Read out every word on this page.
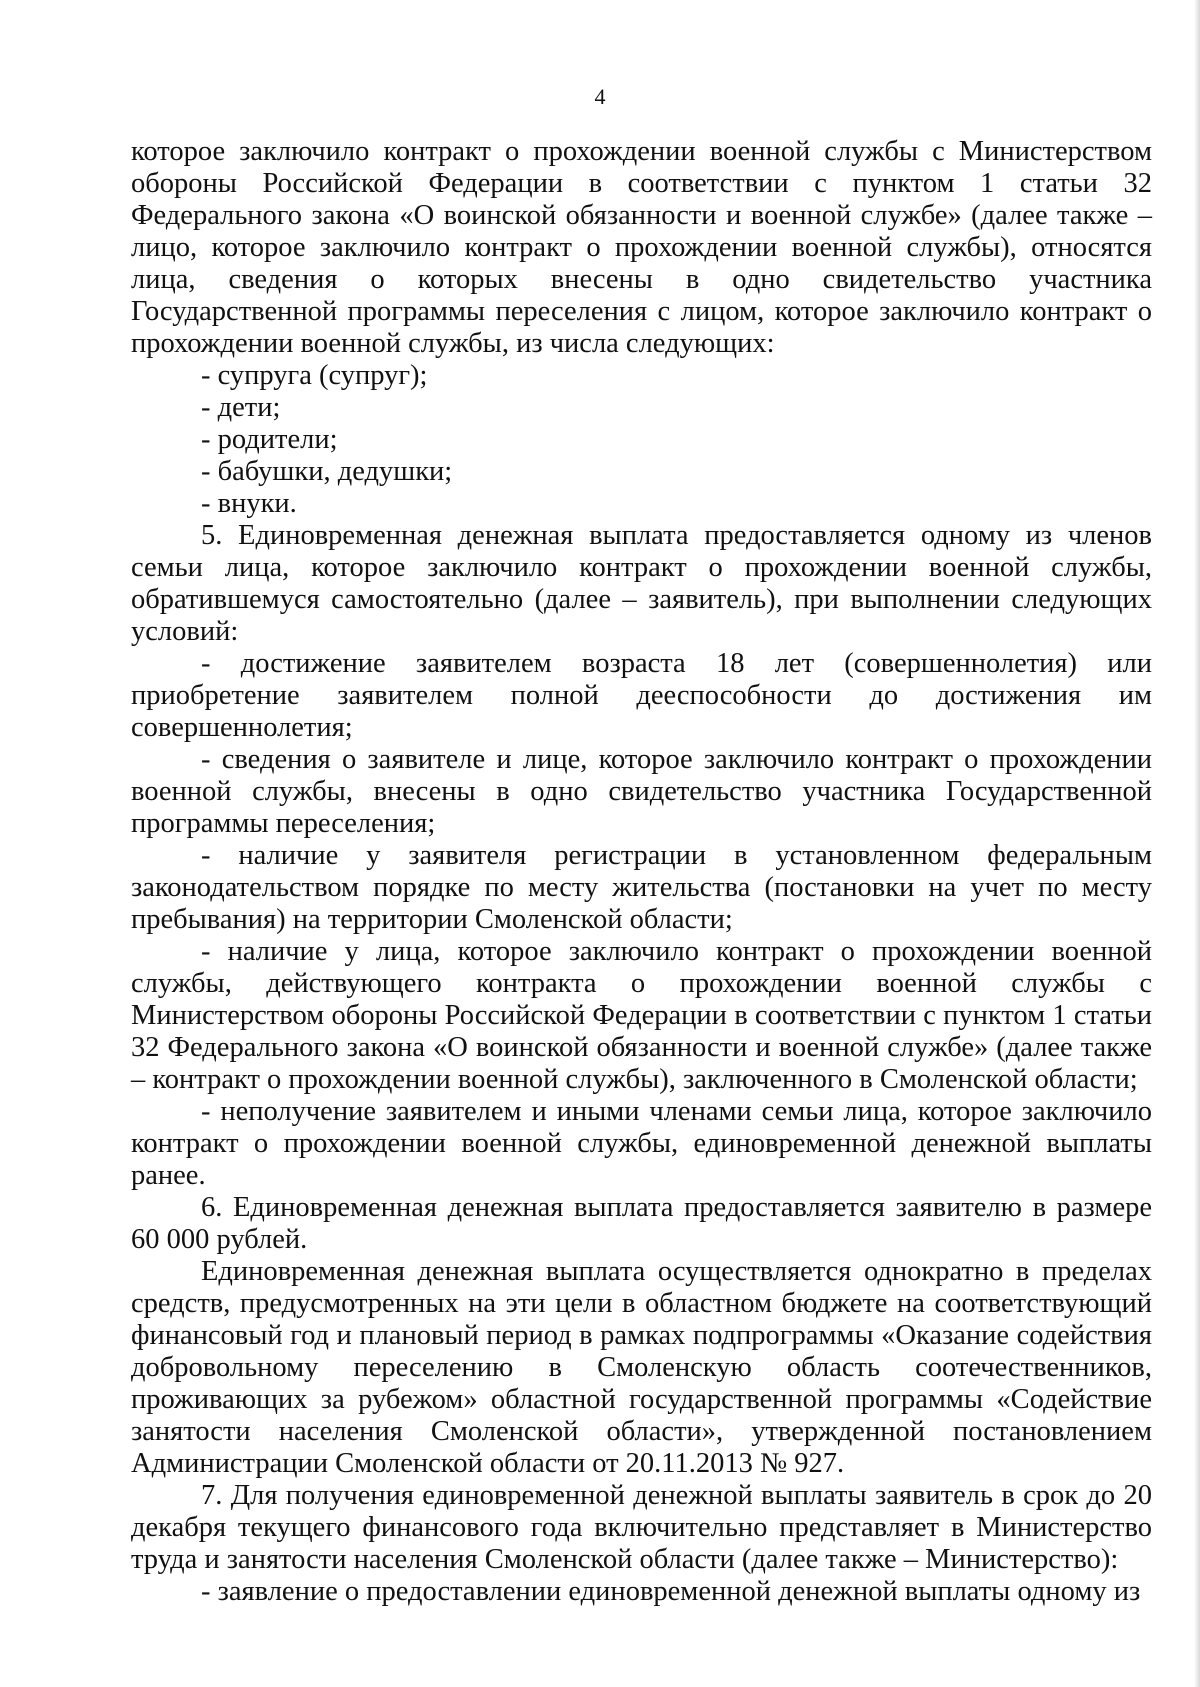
4

которое заключило контракт о прохождении военной службы с Министерством обороны Российской Федерации в соответствии с пунктом 1 статьи 32 Федерального закона «О воинской обязанности и военной службе» (далее также – лицо, которое заключило контракт о прохождении военной службы), относятся лица, сведения о которых внесены в одно свидетельство участника Государственной программы переселения с лицом, которое заключило контракт о прохождении военной службы, из числа следующих:

- супруга (супруг);

- дети;

- родители;

- бабушки, дедушки;

- внуки.

5. Единовременная денежная выплата предоставляется одному из членов семьи лица, которое заключило контракт о прохождении военной службы, обратившемуся самостоятельно (далее – заявитель), при выполнении следующих условий:

- достижение заявителем возраста 18 лет (совершеннолетия) или приобретение заявителем полной дееспособности до достижения им совершеннолетия;

- сведения о заявителе и лице, которое заключило контракт о прохождении военной службы, внесены в одно свидетельство участника Государственной программы переселения;

- наличие у заявителя регистрации в установленном федеральным законодательством порядке по месту жительства (постановки на учет по месту пребывания) на территории Смоленской области;

- наличие у лица, которое заключило контракт о прохождении военной службы, действующего контракта о прохождении военной службы с Министерством обороны Российской Федерации в соответствии с пунктом 1 статьи 32 Федерального закона «О воинской обязанности и военной службе» (далее также – контракт о прохождении военной службы), заключенного в Смоленской области;

- неполучение заявителем и иными членами семьи лица, которое заключило контракт о прохождении военной службы, единовременной денежной выплаты ранее.

6. Единовременная денежная выплата предоставляется заявителю в размере 60 000 рублей.

Единовременная денежная выплата осуществляется однократно в пределах средств, предусмотренных на эти цели в областном бюджете на соответствующий финансовый год и плановый период в рамках подпрограммы «Оказание содействия добровольному переселению в Смоленскую область соотечественников, проживающих за рубежом» областной государственной программы «Содействие занятости населения Смоленской области», утвержденной постановлением Администрации Смоленской области от 20.11.2013 № 927.

7. Для получения единовременной денежной выплаты заявитель в срок до 20 декабря текущего финансового года включительно представляет в Министерство труда и занятости населения Смоленской области (далее также – Министерство):

- заявление о предоставлении единовременной денежной выплаты одному из
